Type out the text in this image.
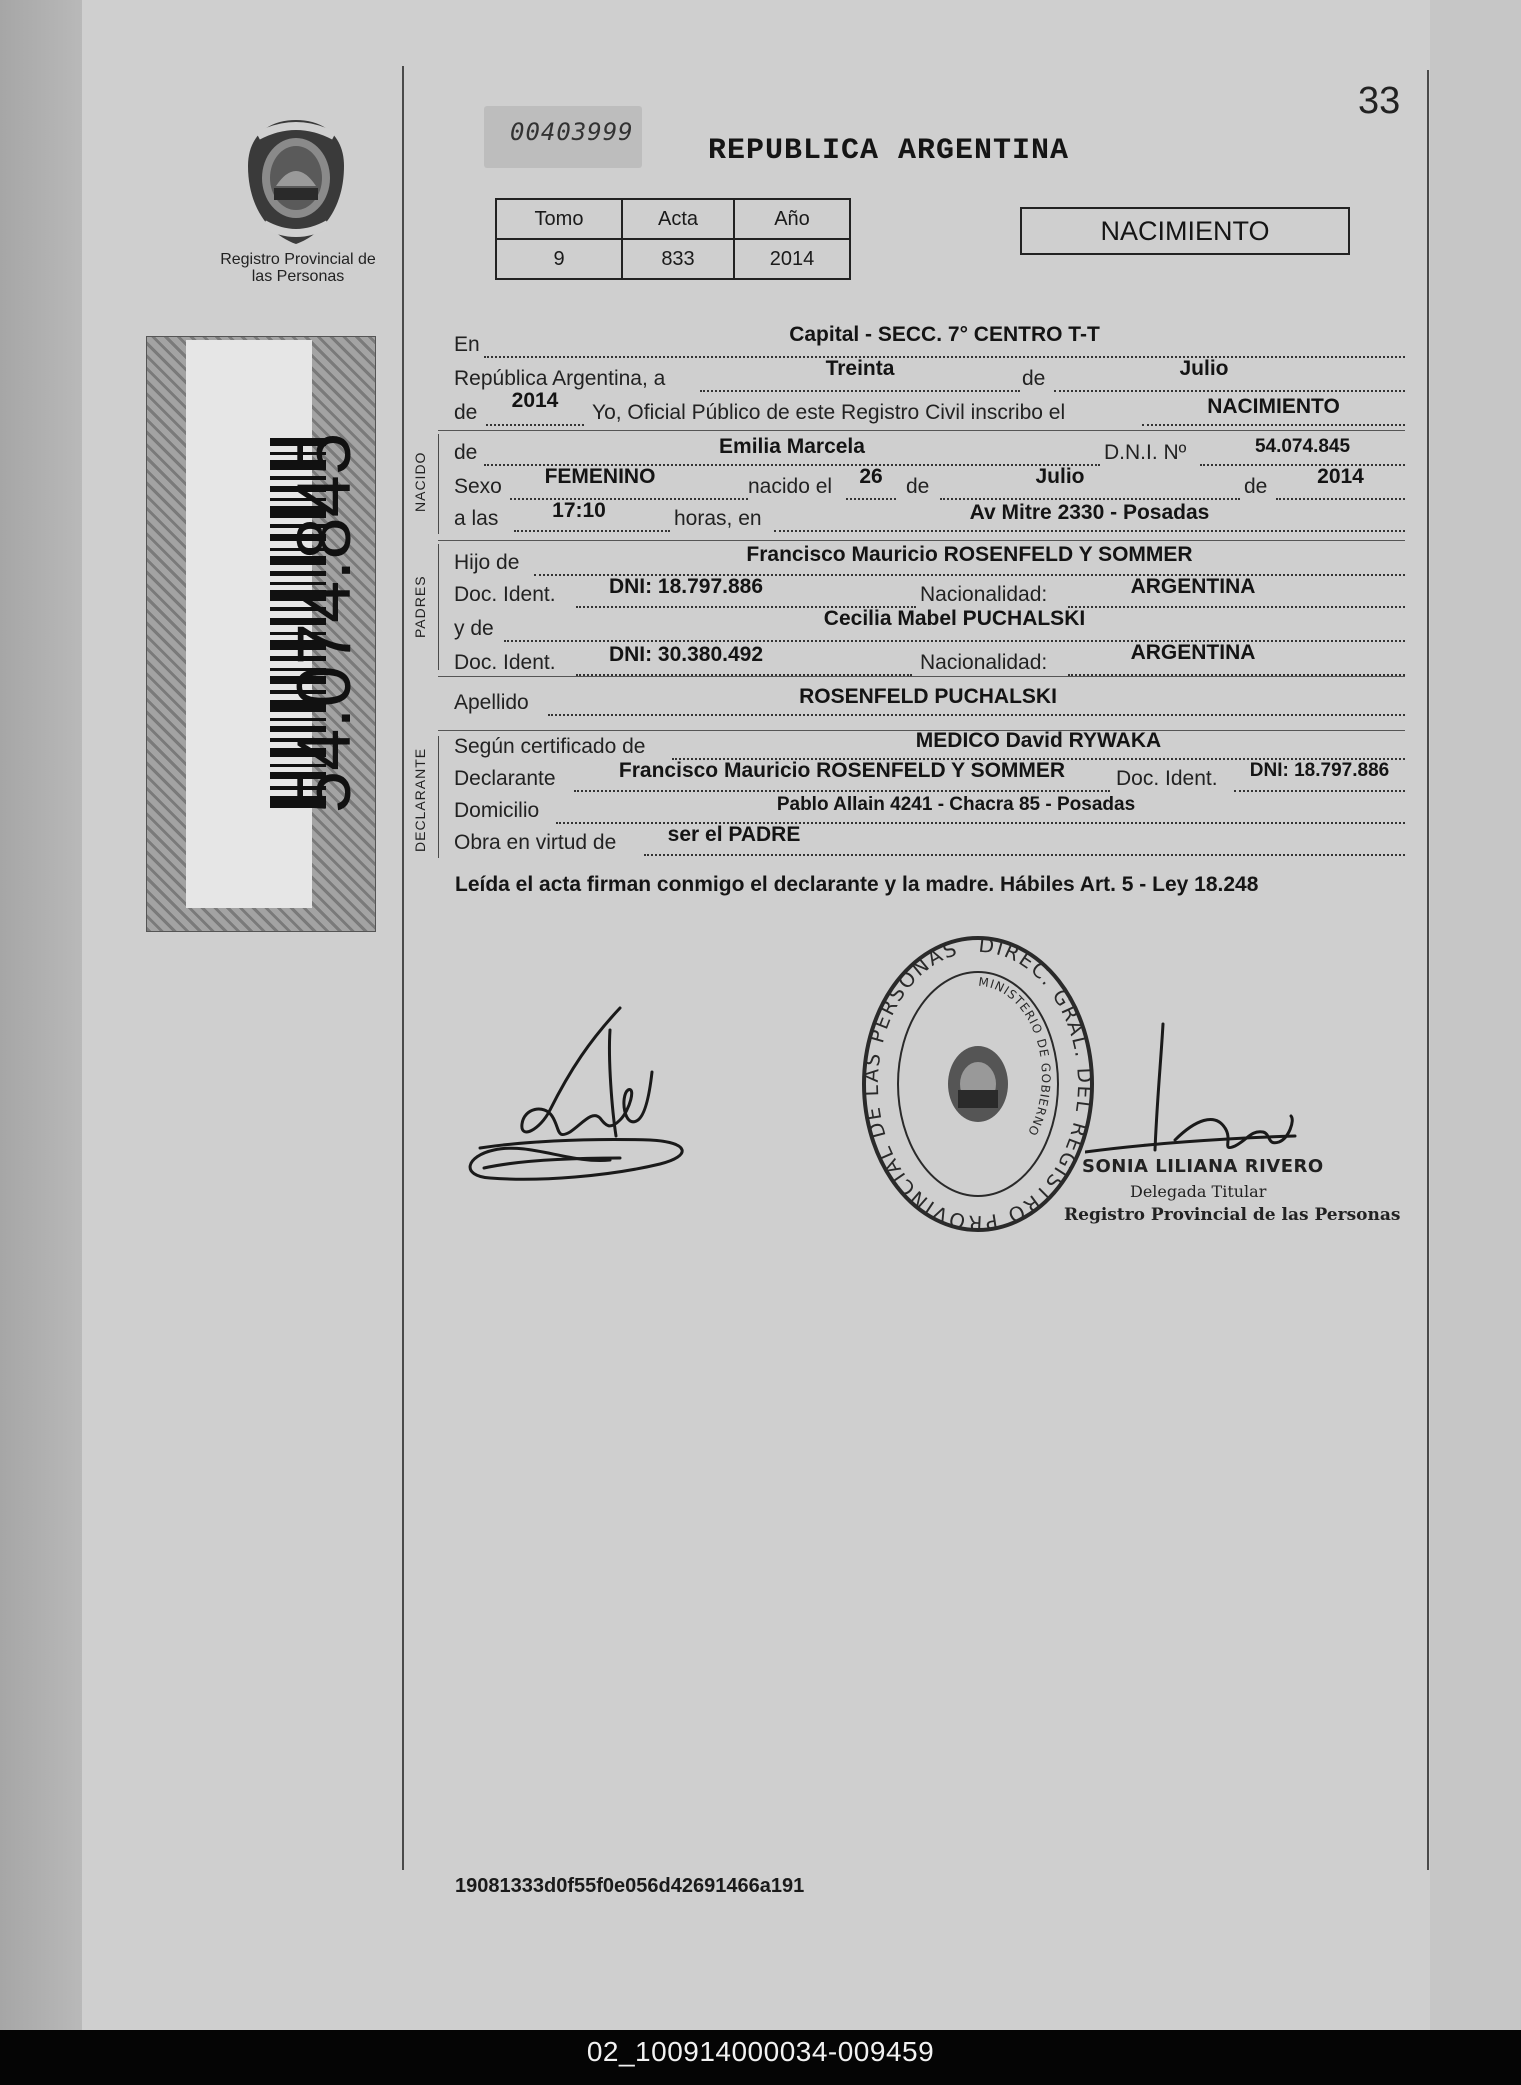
33
00403999
REPUBLICA ARGENTINA
Registro Provincial de las Personas
Tomo	Acta	Año
9	833	2014
NACIMIENTO
NACIDO
PADRES
DECLARANTE
En	Capital - SECC. 7° CENTRO T-T
República Argentina, a	Treinta	de	Julio
de
2014
Yo, Oficial Público de este Registro Civil inscribo el	NACIMIENTO
de	Emilia Marcela	D.N.I. Nº	54.074.845
Sexo	FEMENINO	nacido el	26	de	Julio	de	2014
a las	17:10	horas, en	Av Mitre 2330 - Posadas
Hijo de	Francisco Mauricio ROSENFELD Y SOMMER
Doc. Ident.	DNI: 18.797.886	Nacionalidad:	ARGENTINA
y de	Cecilia Mabel PUCHALSKI
Doc. Ident.	DNI: 30.380.492	Nacionalidad:	ARGENTINA
Apellido	ROSENFELD PUCHALSKI
Según certificado de	MEDICO David RYWAKA
Declarante	Francisco Mauricio ROSENFELD Y SOMMER	Doc. Ident.	DNI: 18.797.886
Domicilio	Pablo Allain 4241 - Chacra 85 - Posadas
Obra en virtud de	ser el PADRE
Leída el acta firman conmigo el declarante y la madre. Hábiles Art. 5 - Ley 18.248
DIREC. GRAL. DEL REGISTRO PROVINCIAL DE LAS PERSONAS
MINISTERIO DE GOBIERNO
SONIA LILIANA RIVERO
Delegada Titular
Registro Provincial de las Personas
19081333d0f55f0e056d42691466a191
02_100914000034-009459
